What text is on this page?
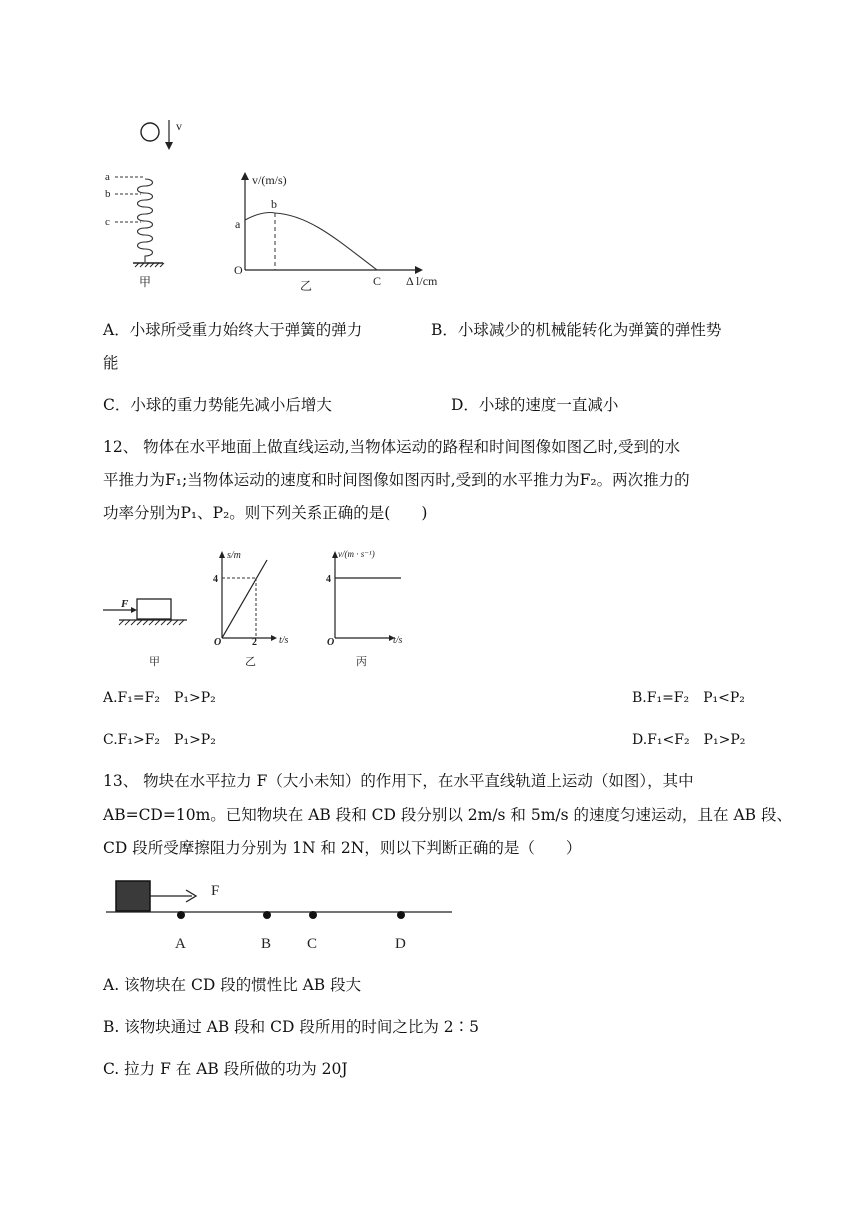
v
a
b
c
甲
v/(m/s)
O
a
b
C Δ l/cm
乙
A．小球所受重力始终大于弹簧的弹力	B．小球减少的机械能转化为弹簧的弹性势
能
C．小球的重力势能先减小后增大	D．小球的速度一直减小
12、 物体在水平地面上做直线运动,当物体运动的路程和时间图像如图乙时,受到的水
平推力为F₁;当物体运动的速度和时间图像如图丙时,受到的水平推力为F₂。两次推力的
功率分别为P₁、P₂。则下列关系正确的是(　　)
F
甲
s/m
4
O	2 t/s
乙
v/(m · s⁻¹)
4
O	t/s
丙
A.F₁=F₂　P₁>P₂	B.F₁=F₂　P₁<P₂
C.F₁>F₂　P₁>P₂	D.F₁<F₂　P₁>P₂
13、 物块在水平拉力 F（大小未知）的作用下，在水平直线轨道上运动（如图），其中
AB=CD=10m。已知物块在 AB 段和 CD 段分别以 2m/s 和 5m/s 的速度匀速运动，且在 AB 段、
CD 段所受摩擦阻力分别为 1N 和 2N，则以下判断正确的是（　　）
F
A	B C	D
A. 该物块在 CD 段的惯性比 AB 段大
B. 该物块通过 AB 段和 CD 段所用的时间之比为 2∶5
C. 拉力 F 在 AB 段所做的功为 20J
